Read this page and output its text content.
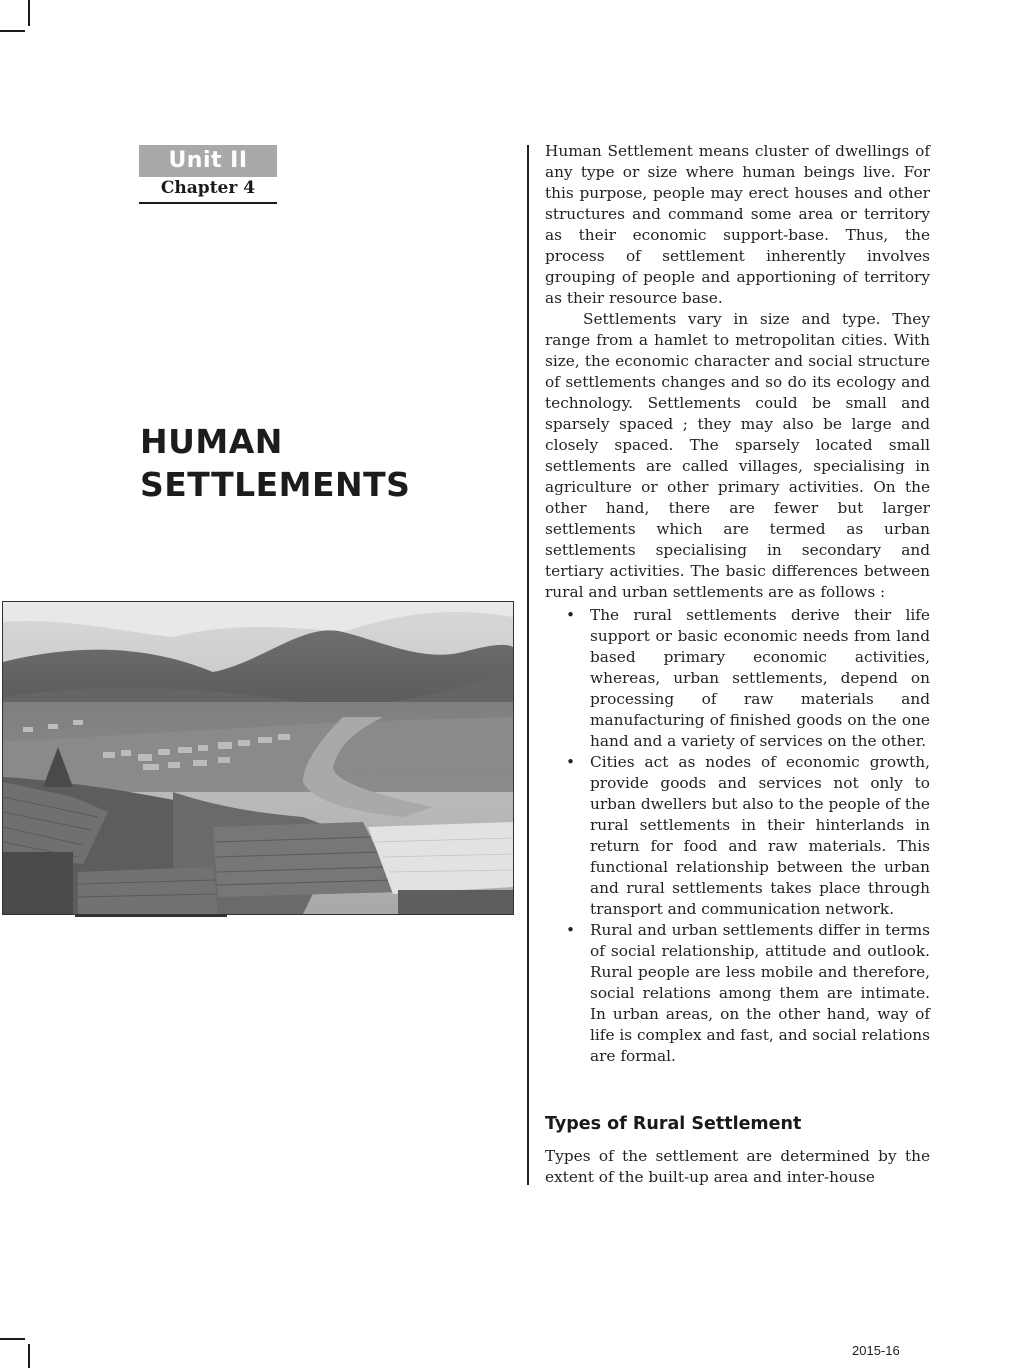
Unit II
Chapter 4
HUMAN
SETTLEMENTS

Human Settlement means cluster of dwellings of any type or size where human beings live. For this purpose, people may erect houses and other structures and command some area or territory as their economic support-base. Thus, the process of settlement inherently involves grouping of people and apportioning of territory as their resource base.

Settlements vary in size and type. They range from a hamlet to metropolitan cities. With size, the economic character and social structure of settlements changes and so do its ecology and technology. Settlements could be small and sparsely spaced ; they may also be large and closely spaced. The sparsely located small settlements are called villages, specialising in agriculture or other primary activities. On the other hand, there are fewer but larger settlements which are termed as urban settlements specialising in secondary and tertiary activities. The basic differences between rural and urban settlements are as follows :

• The rural settlements derive their life support or basic economic needs from land based primary economic activities, whereas, urban settlements, depend on processing of raw materials and manufacturing of finished goods on the one hand and a variety of services on the other.
• Cities act as nodes of economic growth, provide goods and services not only to urban dwellers but also to the people of the rural settlements in their hinterlands in return for food and raw materials. This functional relationship between the urban and rural settlements takes place through transport and communication network.
• Rural and urban settlements differ in terms of social relationship, attitude and outlook. Rural people are less mobile and therefore, social relations among them are intimate. In urban areas, on the other hand, way of life is complex and fast, and social relations are formal.
Types of Rural Settlement
Types of the settlement are determined by the extent of the built-up area and inter-house
2015-16
